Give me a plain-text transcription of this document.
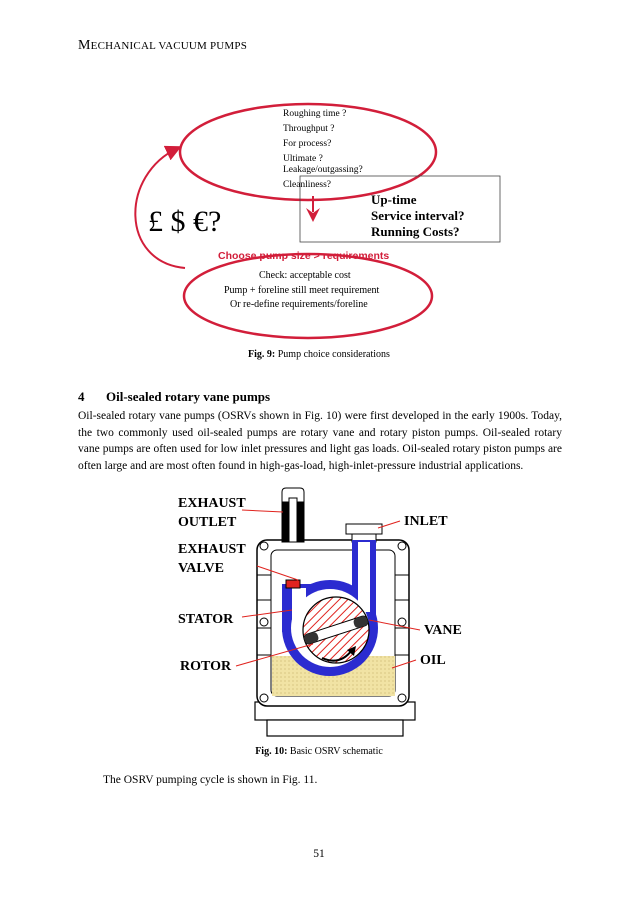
MECHANICAL VACUUM PUMPS
Roughing time ?
Throughput ?
For process?
Ultimate ?
Leakage/outgassing?
Cleanliness?
£ $ €?
Up-time
Service interval?
Running Costs?
Choose pump size > requirements
Check: acceptable cost
Pump + foreline still meet requirement
Or re-define requirements/foreline
Fig. 9: Pump choice considerations
4 Oil-sealed rotary vane pumps
Oil-sealed rotary vane pumps (OSRVs shown in Fig. 10) were first developed in the early 1900s. Today, the two commonly used oil-sealed pumps are rotary vane and rotary piston pumps. Oil-sealed rotary vane pumps are often used for low inlet pressures and light gas loads. Oil-sealed rotary piston pumps are often large and are most often found in high-gas-load, high-inlet-pressure industrial applications.
EXHAUST
OUTLET	INLET
EXHAUST
VALVE
STATOR
VANE
ROTOR	OIL
Fig. 10: Basic OSRV schematic
The OSRV pumping cycle is shown in Fig. 11.
51
